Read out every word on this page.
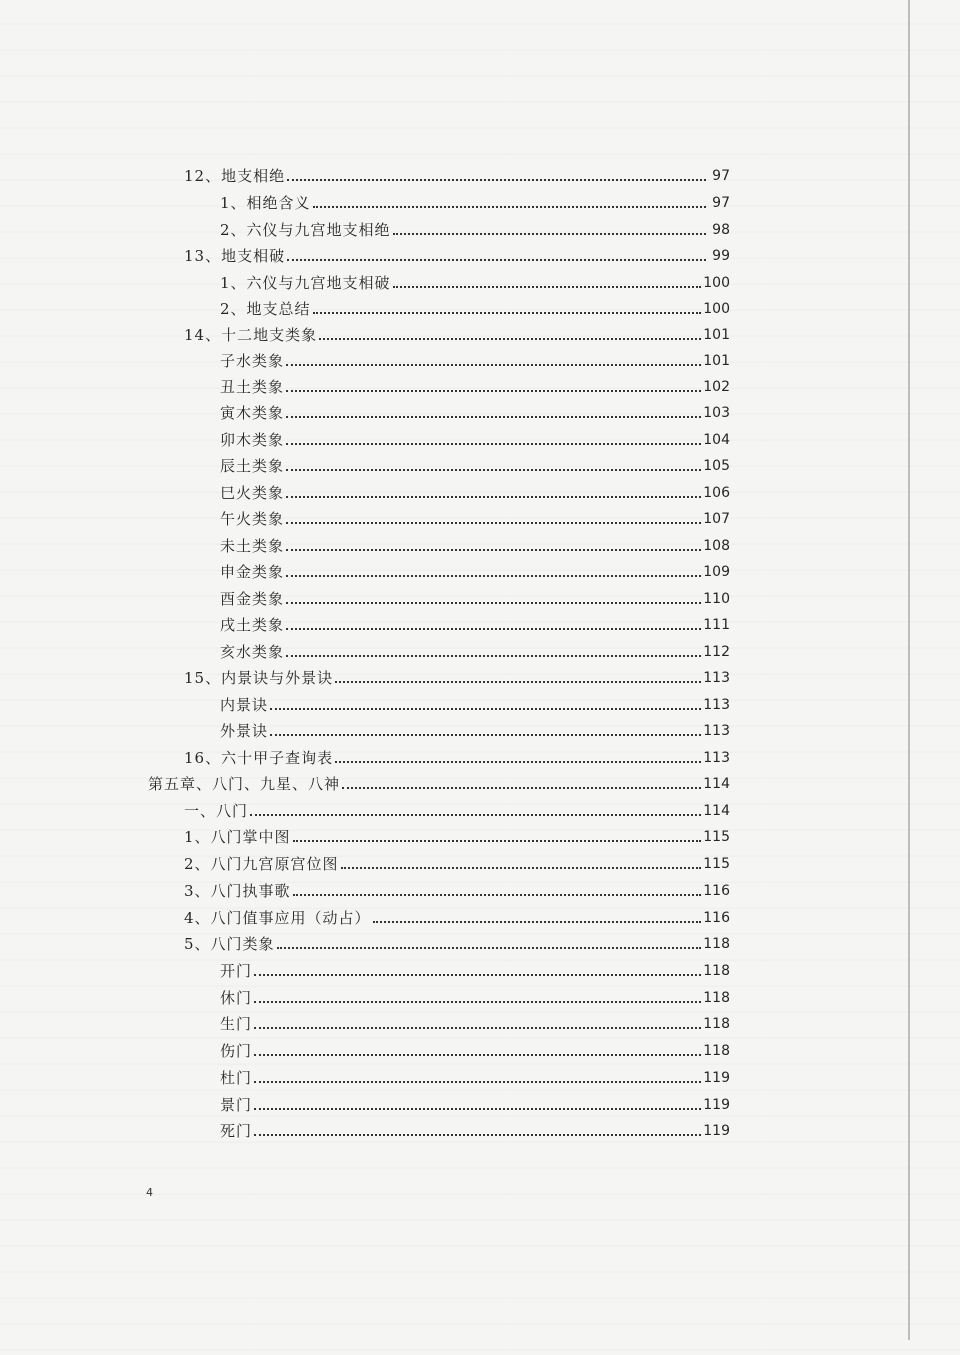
12、 地支相绝	97
1、 相绝含义	97
2、 六仪与九宫地支相绝	98
13、 地支相破	99
1、 六仪与九宫地支相破	100
2、 地支总结	100
14、 十二地支类象	101
子水类象	101
丑土类象	102
寅木类象	103
卯木类象	104
辰土类象	105
巳火类象	106
午火类象	107
未土类象	108
申金类象	109
酉金类象	110
戌土类象	111
亥水类象	112
15、 内景诀与外景诀	113
内景诀	113
外景诀	113
16、 六十甲子查询表	113
第五章、八门、九星、八神	114
一、八门	114
1、 八门掌中图	115
2、 八门九宫原宫位图	115
3、 八门执事歌	116
4、 八门值事应用（动占）	116
5、 八门类象	118
开门	118
休门	118
生门	118
伤门	118
杜门	119
景门	119
死门	119
4
